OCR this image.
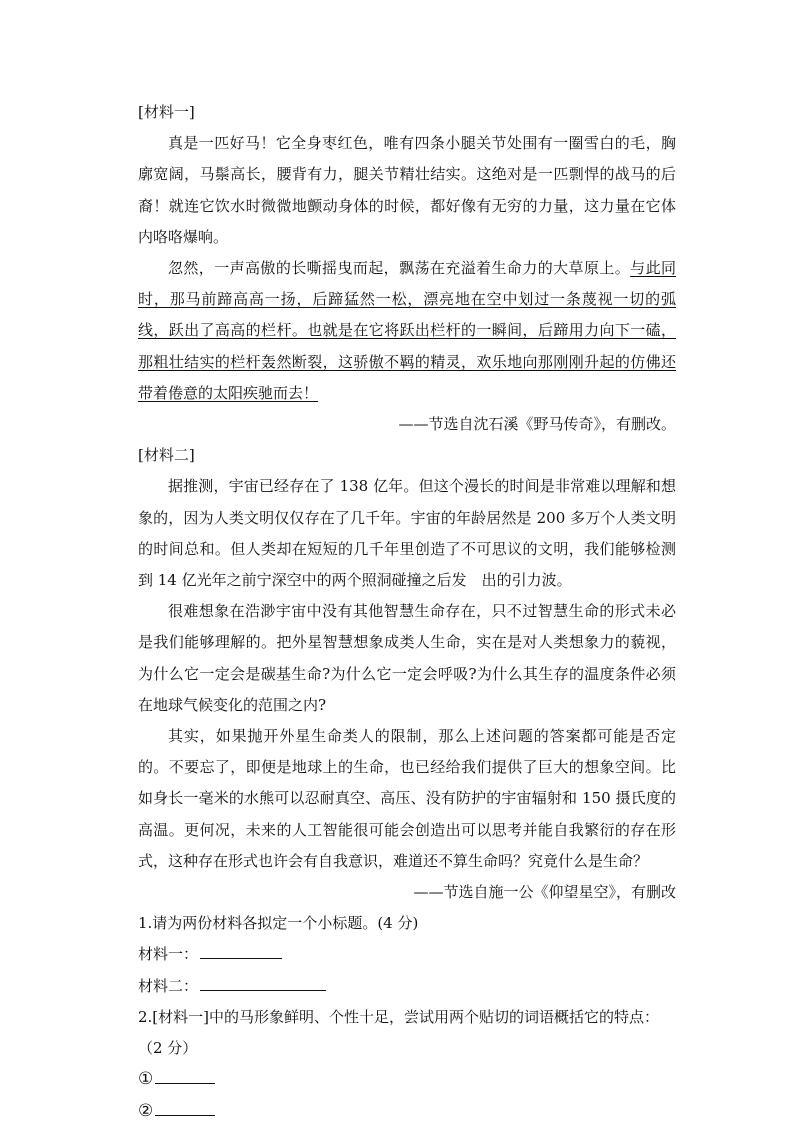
[材料一]

真是一匹好马！它全身枣红色，唯有四条小腿关节处围有一圈雪白的毛，胸廓宽阔，马鬃高长，腰背有力，腿关节精壮结实。这绝对是一匹剽悍的战马的后裔！就连它饮水时微微地颤动身体的时候，都好像有无穷的力量，这力量在它体内咯咯爆响。

忽然，一声高傲的长嘶摇曳而起，飘荡在充溢着生命力的大草原上。与此同时，那马前蹄高高一扬，后蹄猛然一松，漂亮地在空中划过一条蔑视一切的弧线，跃出了高高的栏杆。也就是在它将跃出栏杆的一瞬间，后蹄用力向下一磕，那粗壮结实的栏杆轰然断裂，这骄傲不羁的精灵，欢乐地向那刚刚升起的仿佛还带着倦意的太阳疾驰而去！

——节选自沈石溪《野马传奇》，有删改。

[材料二]

据推测，宇宙已经存在了 138 亿年。但这个漫长的时间是非常难以理解和想象的，因为人类文明仅仅存在了几千年。宇宙的年龄居然是 200 多万个人类文明的时间总和。但人类却在短短的几千年里创造了不可思议的文明，我们能够检测到 14 亿光年之前宁深空中的两个照洞碰撞之后发　出的引力波。

很难想象在浩渺宇宙中没有其他智慧生命存在，只不过智慧生命的形式未必是我们能够理解的。把外星智慧想象成类人生命，实在是对人类想象力的藐视，为什么它一定会是碳基生命?为什么它一定会呼吸?为什么其生存的温度条件必须在地球气候变化的范围之内?

其实，如果抛开外星生命类人的限制，那么上述问题的答案都可能是否定的。不要忘了，即便是地球上的生命，也已经给我们提供了巨大的想象空间。比如身长一毫米的水熊可以忍耐真空、高压、没有防护的宇宙辐射和 150 摄氏度的高温。更何况，未来的人工智能很可能会创造出可以思考并能自我繁衍的存在形式，这种存在形式也许会有自我意识，难道还不算生命吗？究竟什么是生命？

——节选自施一公《仰望星空》，有删改

1.请为两份材料各拟定一个小标题。(4 分)

材料一：

材料二：

2.[材料一]中的马形象鲜明、个性十足，尝试用两个贴切的词语概括它的特点：（2 分）

①

②
